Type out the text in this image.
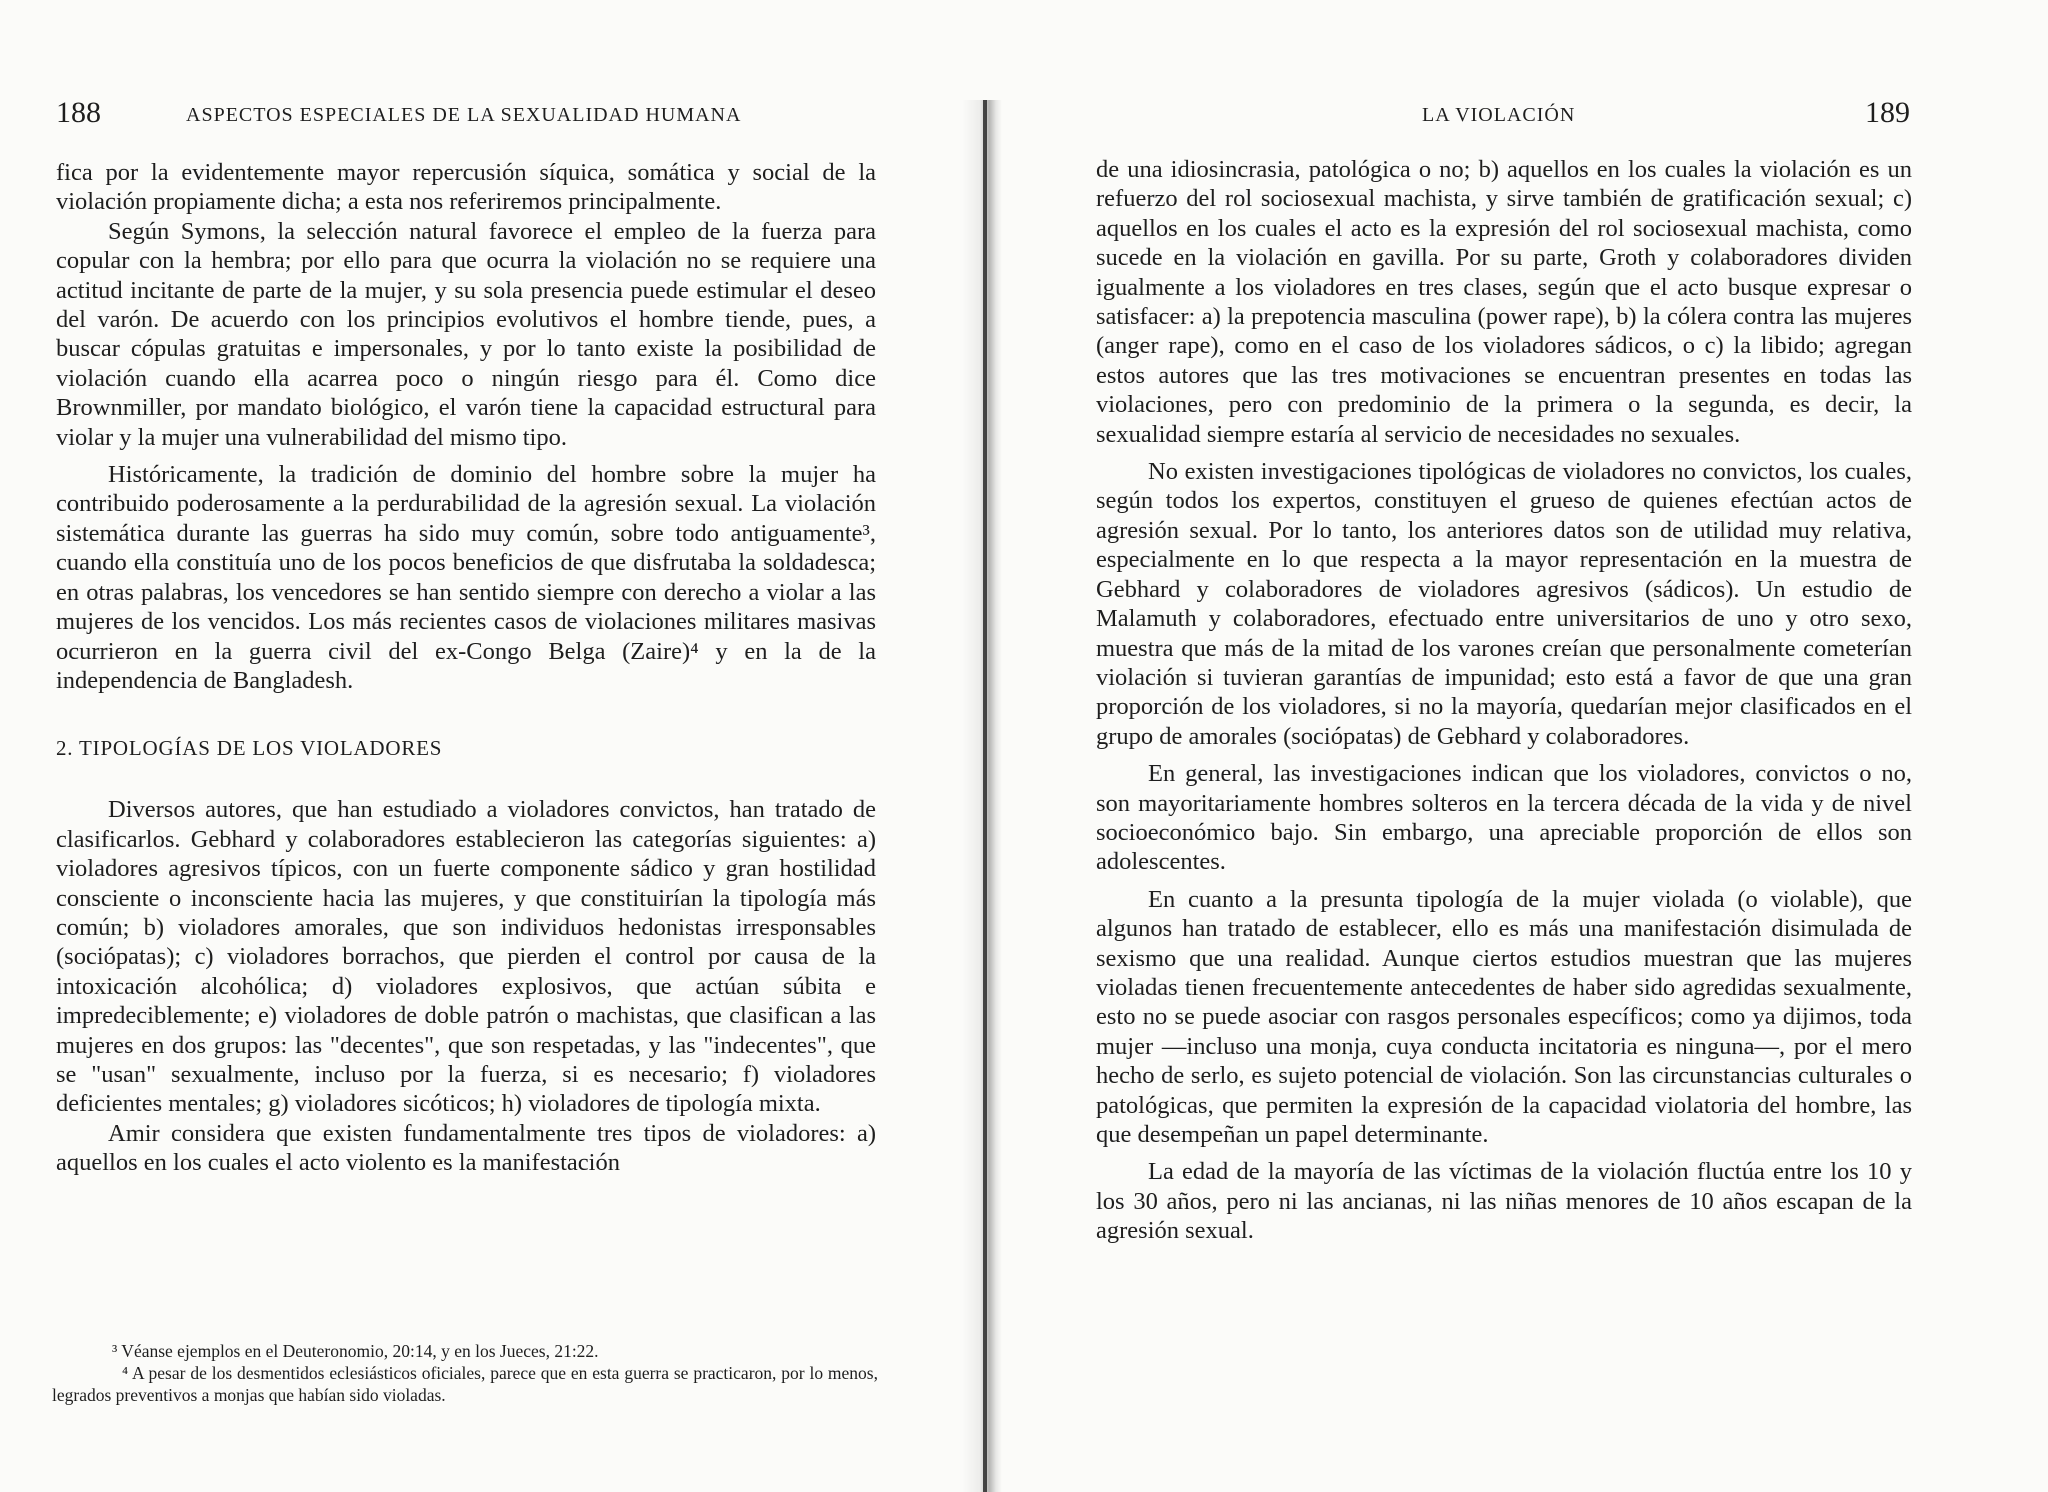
188	ASPECTOS ESPECIALES DE LA SEXUALIDAD HUMANA

fica por la evidentemente mayor repercusión síquica, somática y social de la violación propiamente dicha; a esta nos referiremos principalmente.

Según Symons, la selección natural favorece el empleo de la fuerza para copular con la hembra; por ello para que ocurra la violación no se requiere una actitud incitante de parte de la mujer, y su sola presencia puede estimular el deseo del varón. De acuerdo con los principios evolutivos el hombre tiende, pues, a buscar cópulas gratuitas e impersonales, y por lo tanto existe la posibilidad de violación cuando ella acarrea poco o ningún riesgo para él. Como dice Brownmiller, por mandato biológico, el varón tiene la capacidad estructural para violar y la mujer una vulnerabilidad del mismo tipo.

Históricamente, la tradición de dominio del hombre sobre la mujer ha contribuido poderosamente a la perdurabilidad de la agresión sexual. La violación sistemática durante las guerras ha sido muy común, sobre todo antiguamente³, cuando ella constituía uno de los pocos beneficios de que disfrutaba la soldadesca; en otras palabras, los vencedores se han sentido siempre con derecho a violar a las mujeres de los vencidos. Los más recientes casos de violaciones militares masivas ocurrieron en la guerra civil del ex-Congo Belga (Zaire)⁴ y en la de la independencia de Bangladesh.

2. TIPOLOGÍAS DE LOS VIOLADORES

Diversos autores, que han estudiado a violadores convictos, han tratado de clasificarlos. Gebhard y colaboradores establecieron las categorías siguientes: a) violadores agresivos típicos, con un fuerte componente sádico y gran hostilidad consciente o inconsciente hacia las mujeres, y que constituirían la tipología más común; b) violadores amorales, que son individuos hedonistas irresponsables (sociópatas); c) violadores borrachos, que pierden el control por causa de la intoxicación alcohólica; d) violadores explosivos, que actúan súbita e impredeciblemente; e) violadores de doble patrón o machistas, que clasifican a las mujeres en dos grupos: las "decentes", que son respetadas, y las "indecentes", que se "usan" sexualmente, incluso por la fuerza, si es necesario; f) violadores deficientes mentales; g) violadores sicóticos; h) violadores de tipología mixta.

Amir considera que existen fundamentalmente tres tipos de violadores: a) aquellos en los cuales el acto violento es la manifestación

³ Véanse ejemplos en el Deuteronomio, 20:14, y en los Jueces, 21:22.

⁴ A pesar de los desmentidos eclesiásticos oficiales, parece que en esta guerra se practicaron, por lo menos, legrados preventivos a monjas que habían sido violadas.

LA VIOLACIÓN	189

de una idiosincrasia, patológica o no; b) aquellos en los cuales la violación es un refuerzo del rol sociosexual machista, y sirve también de gratificación sexual; c) aquellos en los cuales el acto es la expresión del rol sociosexual machista, como sucede en la violación en gavilla. Por su parte, Groth y colaboradores dividen igualmente a los violadores en tres clases, según que el acto busque expresar o satisfacer: a) la prepotencia masculina (power rape), b) la cólera contra las mujeres (anger rape), como en el caso de los violadores sádicos, o c) la libido; agregan estos autores que las tres motivaciones se encuentran presentes en todas las violaciones, pero con predominio de la primera o la segunda, es decir, la sexualidad siempre estaría al servicio de necesidades no sexuales.

No existen investigaciones tipológicas de violadores no convictos, los cuales, según todos los expertos, constituyen el grueso de quienes efectúan actos de agresión sexual. Por lo tanto, los anteriores datos son de utilidad muy relativa, especialmente en lo que respecta a la mayor representación en la muestra de Gebhard y colaboradores de violadores agresivos (sádicos). Un estudio de Malamuth y colaboradores, efectuado entre universitarios de uno y otro sexo, muestra que más de la mitad de los varones creían que personalmente cometerían violación si tuvieran garantías de impunidad; esto está a favor de que una gran proporción de los violadores, si no la mayoría, quedarían mejor clasificados en el grupo de amorales (sociópatas) de Gebhard y colaboradores.

En general, las investigaciones indican que los violadores, convictos o no, son mayoritariamente hombres solteros en la tercera década de la vida y de nivel socioeconómico bajo. Sin embargo, una apreciable proporción de ellos son adolescentes.

En cuanto a la presunta tipología de la mujer violada (o violable), que algunos han tratado de establecer, ello es más una manifestación disimulada de sexismo que una realidad. Aunque ciertos estudios muestran que las mujeres violadas tienen frecuentemente antecedentes de haber sido agredidas sexualmente, esto no se puede asociar con rasgos personales específicos; como ya dijimos, toda mujer —incluso una monja, cuya conducta incitatoria es ninguna—, por el mero hecho de serlo, es sujeto potencial de violación. Son las circunstancias culturales o patológicas, que permiten la expresión de la capacidad violatoria del hombre, las que desempeñan un papel determinante.

La edad de la mayoría de las víctimas de la violación fluctúa entre los 10 y los 30 años, pero ni las ancianas, ni las niñas menores de 10 años escapan de la agresión sexual.
